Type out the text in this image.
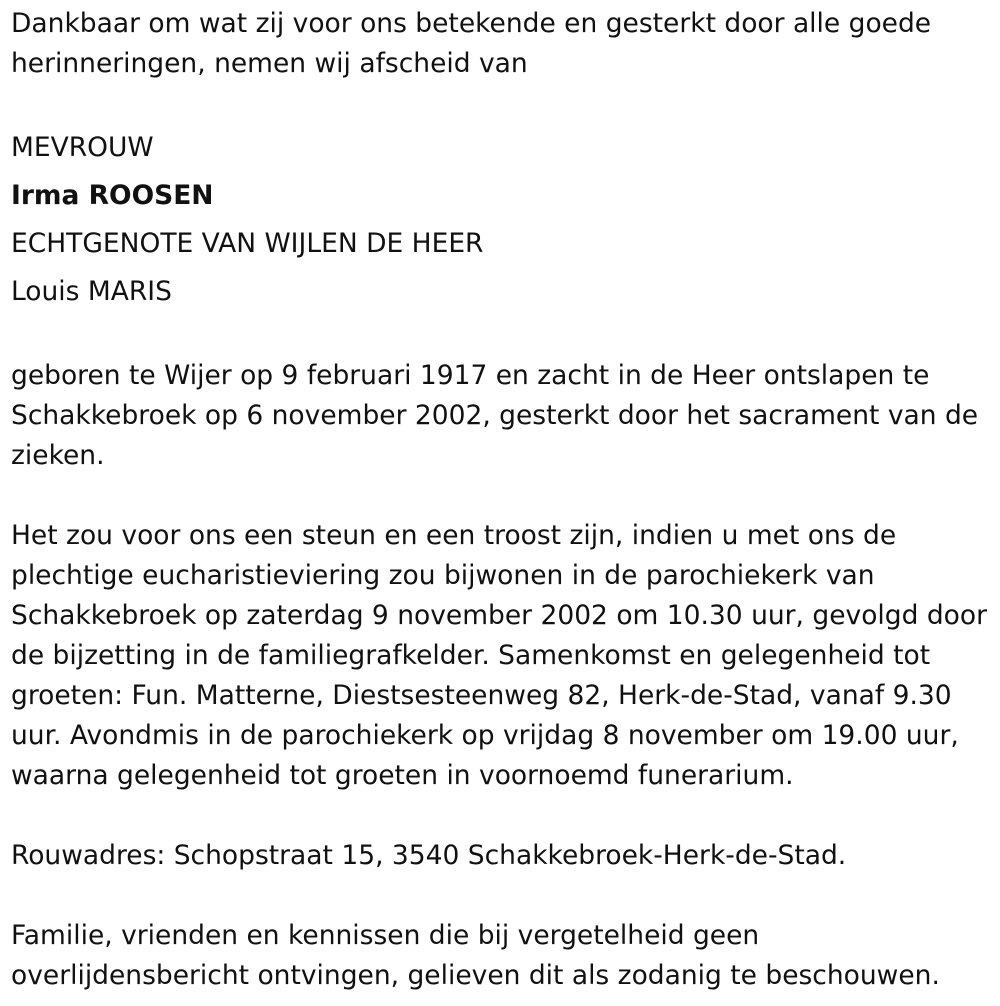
Dankbaar om wat zij voor ons betekende en gesterkt door alle goede
herinneringen, nemen wij afscheid van

MEVROUW
Irma ROOSEN
ECHTGENOTE VAN WIJLEN DE HEER
Louis MARIS

geboren te Wijer op 9 februari 1917 en zacht in de Heer ontslapen te
Schakkebroek op 6 november 2002, gesterkt door het sacrament van de
zieken.

Het zou voor ons een steun en een troost zijn, indien u met ons de
plechtige eucharistieviering zou bijwonen in de parochiekerk van
Schakkebroek op zaterdag 9 november 2002 om 10.30 uur, gevolgd door
de bijzetting in de familiegrafkelder. Samenkomst en gelegenheid tot
groeten: Fun. Matterne, Diestsesteenweg 82, Herk-de-Stad, vanaf 9.30
uur. Avondmis in de parochiekerk op vrijdag 8 november om 19.00 uur,
waarna gelegenheid tot groeten in voornoemd funerarium.

Rouwadres: Schopstraat 15, 3540 Schakkebroek-Herk-de-Stad.

Familie, vrienden en kennissen die bij vergetelheid geen
overlijdensbericht ontvingen, gelieven dit als zodanig te beschouwen.
